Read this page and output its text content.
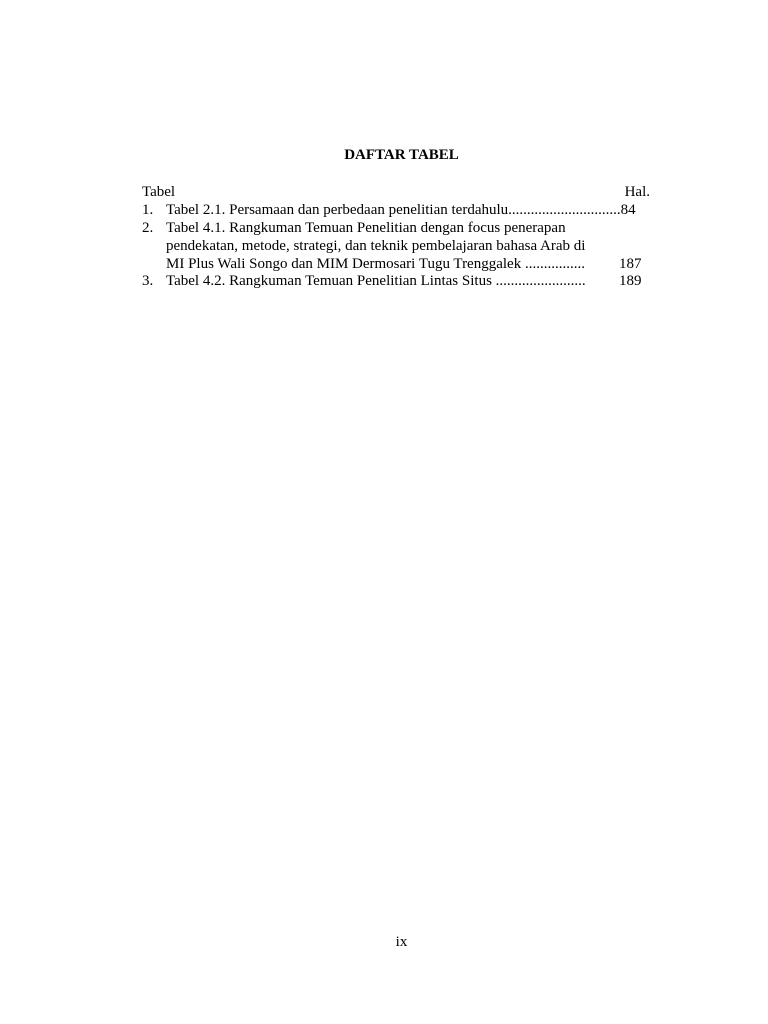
DAFTAR TABEL
Tabel	Hal.
1. Tabel 2.1. Persamaan dan perbedaan penelitian terdahulu..............................84
2. Tabel 4.1. Rangkuman Temuan Penelitian dengan focus penerapan
pendekatan, metode, strategi, dan teknik pembelajaran bahasa Arab di
MI Plus Wali Songo dan MIM Dermosari Tugu Trenggalek ................ 187
3. Tabel 4.2. Rangkuman Temuan Penelitian Lintas Situs ........................ 189
ix
